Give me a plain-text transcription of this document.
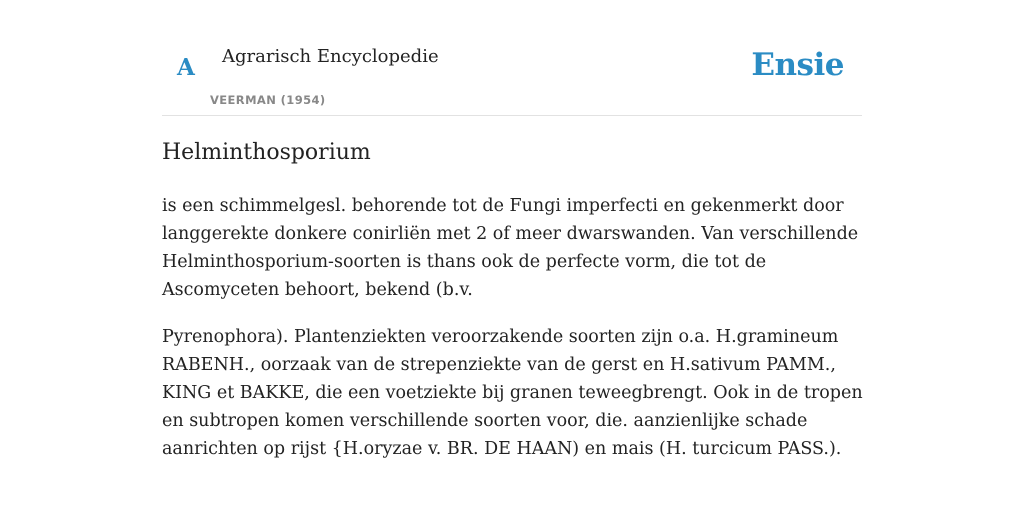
A Agrarisch Encyclopedie
VEERMAN (1954)
Ensie
Helminthosporium

is een schimmelgesl. behorende tot de Fungi imperfecti en gekenmerkt door langgerekte donkere conirliën met 2 of meer dwarswanden. Van verschillende Helminthosporium-soorten is thans ook de perfecte vorm, die tot de Ascomyceten behoort, bekend (b.v.

Pyrenophora). Plantenziekten veroorzakende soorten zijn o.a. H.gramineum RABENH., oorzaak van de strepenziekte van de gerst en H.sativum PAMM., KING et BAKKE, die een voetziekte bij granen teweegbrengt. Ook in de tropen en subtropen komen verschillende soorten voor, die. aanzienlijke schade aanrichten op rijst {H.oryzae v. BR. DE HAAN) en mais (H. turcicum PASS.).
